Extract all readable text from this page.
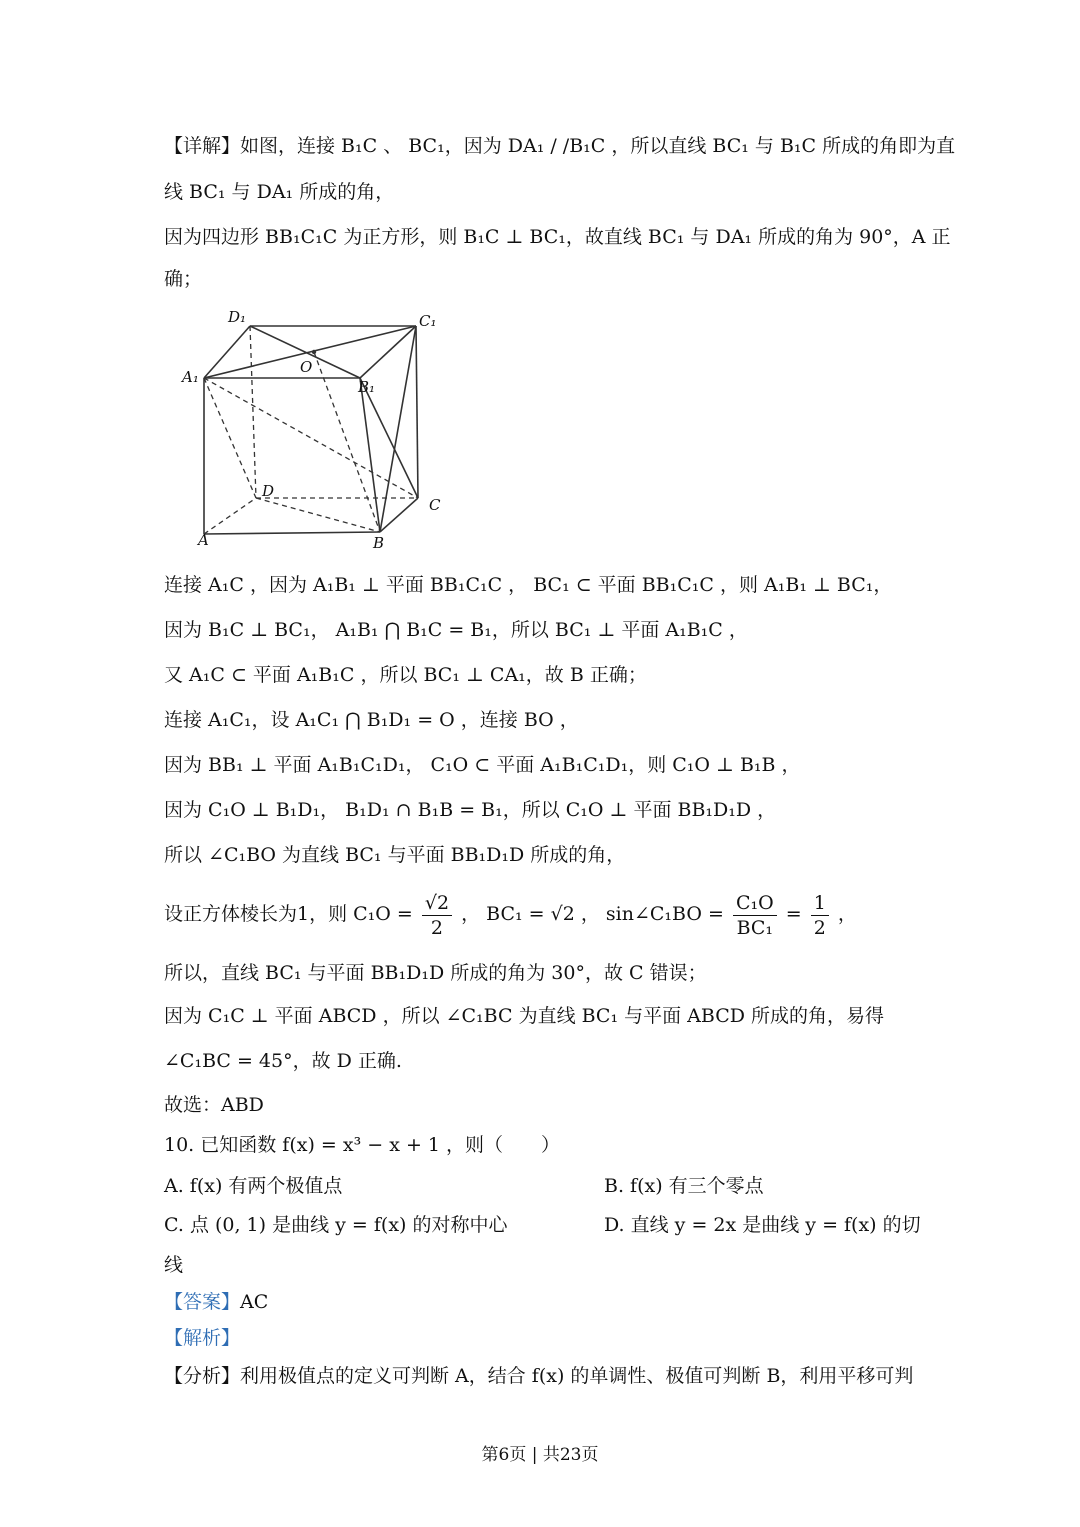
【详解】如图，连接 B₁C 、 BC₁，因为 DA₁ / /B₁C ，所以直线 BC₁ 与 B₁C 所成的角即为直
线 BC₁ 与 DA₁ 所成的角，
因为四边形 BB₁C₁C 为正方形，则 B₁C ⊥ BC₁，故直线 BC₁ 与 DA₁ 所成的角为 90°，A 正
确；
D₁	C₁
O
A₁
B₁
D
C
A	B
连接 A₁C ，因为 A₁B₁ ⊥ 平面 BB₁C₁C ， BC₁ ⊂ 平面 BB₁C₁C ，则 A₁B₁ ⊥ BC₁，
因为 B₁C ⊥ BC₁， A₁B₁ ⋂ B₁C = B₁，所以 BC₁ ⊥ 平面 A₁B₁C ，
又 A₁C ⊂ 平面 A₁B₁C ，所以 BC₁ ⊥ CA₁，故 B 正确；
连接 A₁C₁，设 A₁C₁ ⋂ B₁D₁ = O ，连接 BO ，
因为 BB₁ ⊥ 平面 A₁B₁C₁D₁， C₁O ⊂ 平面 A₁B₁C₁D₁，则 C₁O ⊥ B₁B ，
因为 C₁O ⊥ B₁D₁， B₁D₁ ∩ B₁B = B₁，所以 C₁O ⊥ 平面 BB₁D₁D ，
所以 ∠C₁BO 为直线 BC₁ 与平面 BB₁D₁D 所成的角，
设正方体棱长为1，则 $C_1O = \frac{√2}{2}$ ， BC₁ = √2 ， sin∠C₁BO = $\frac{\text{C₁O}}{\text{BC₁}} = \frac{1}{2}$ ，
所以，直线 BC₁ 与平面 BB₁D₁D 所成的角为 30°，故 C 错误；
因为 C₁C ⊥ 平面 ABCD ，所以 ∠C₁BC 为直线 BC₁ 与平面 ABCD 所成的角，易得
∠C₁BC = 45°，故 D 正确.
故选：ABD
10. 已知函数 f(x) = x³ − x + 1 ，则（　　）
A. f(x) 有两个极值点	B. f(x) 有三个零点
C. 点 (0, 1) 是曲线 y = f(x) 的对称中心	D. 直线 y = 2x 是曲线 y = f(x) 的切
线
【答案】AC
【解析】
【分析】利用极值点的定义可判断 A，结合 f(x) 的单调性、极值可判断 B，利用平移可判
第6页 | 共23页
